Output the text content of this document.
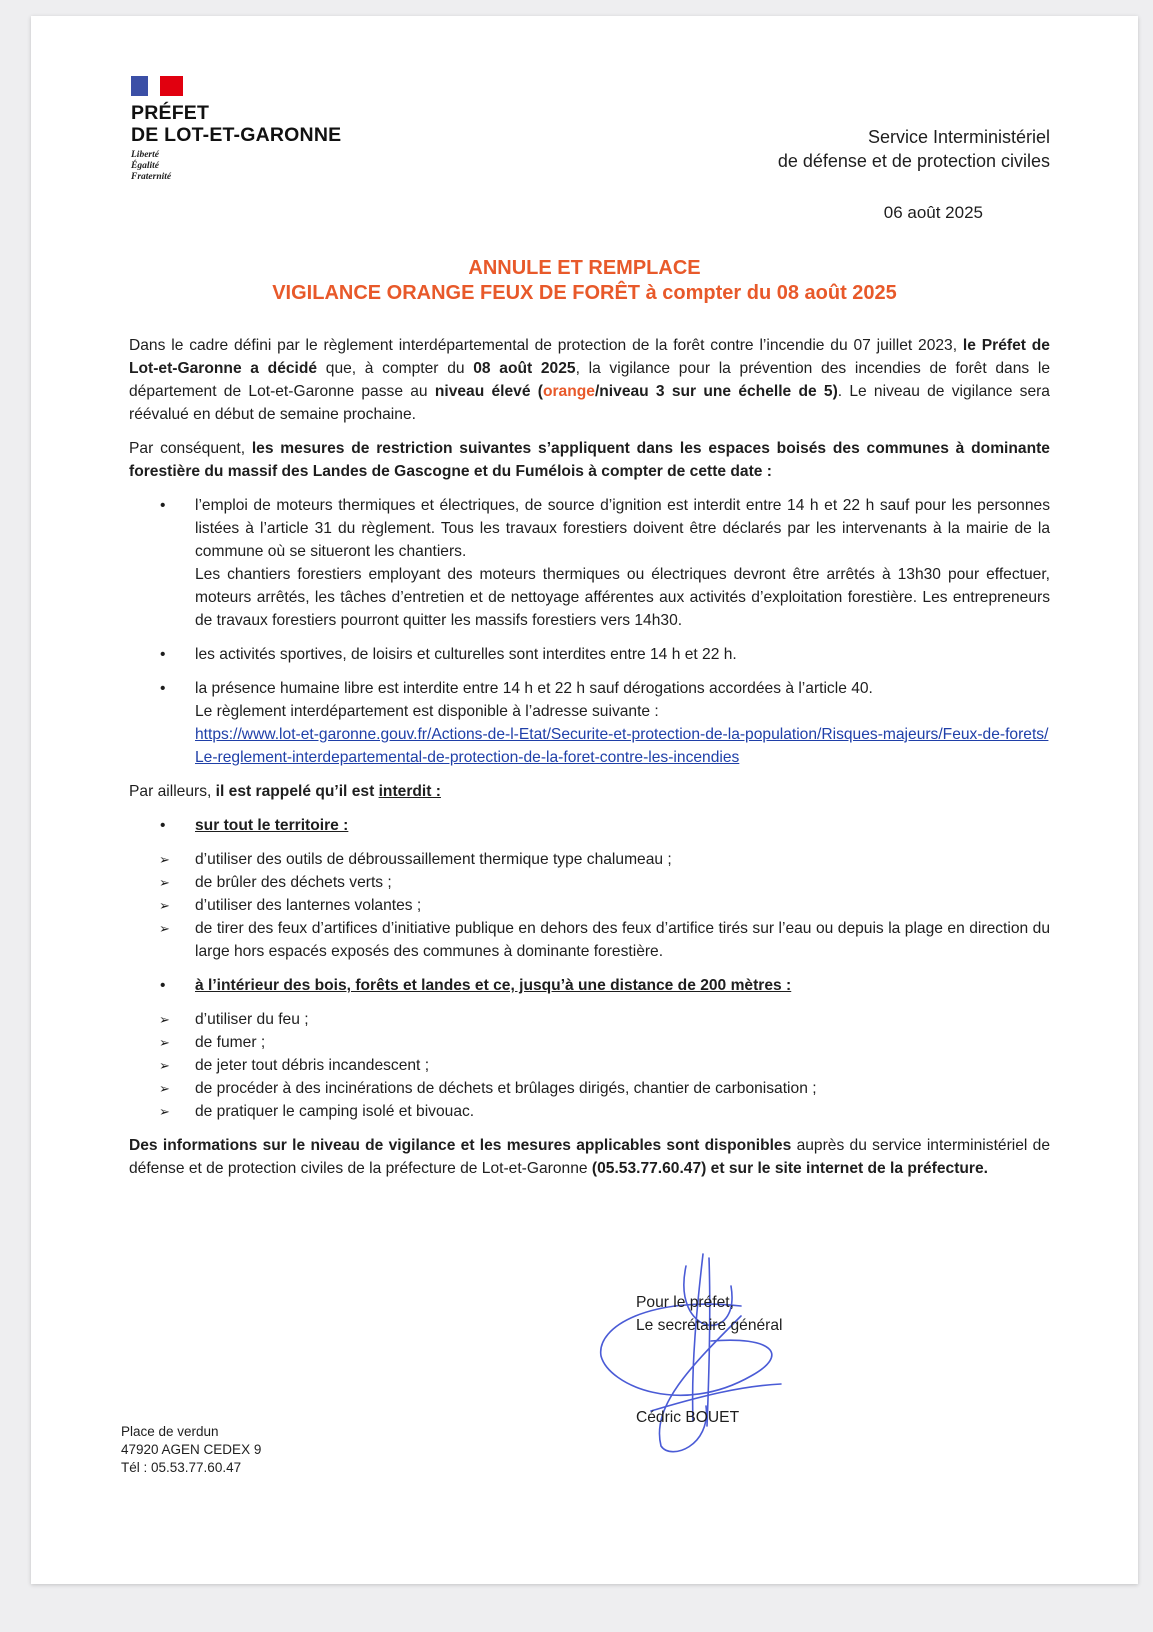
PRÉFET
DE LOT-ET-GARONNE
Liberté
Égalité
Fraternité
Service Interministériel
de défense et de protection civiles
06 août 2025
ANNULE ET REMPLACE
VIGILANCE ORANGE FEUX DE FORÊT à compter du 08 août 2025

Dans le cadre défini par le règlement interdépartemental de protection de la forêt contre l’incendie du 07 juillet 2023, le Préfet de Lot-et-Garonne a décidé que, à compter du 08 août 2025, la vigilance pour la prévention des incendies de forêt dans le département de Lot-et-Garonne passe au niveau élevé (orange/niveau 3 sur une échelle de 5). Le niveau de vigilance sera réévalué en début de semaine prochaine.

Par conséquent, les mesures de restriction suivantes s’appliquent dans les espaces boisés des communes à dominante forestière du massif des Landes de Gascogne et du Fumélois à compter de cette date :

• l’emploi de moteurs thermiques et électriques, de source d’ignition est interdit entre 14 h et 22 h sauf pour les personnes listées à l’article 31 du règlement. Tous les travaux forestiers doivent être déclarés par les intervenants à la mairie de la commune où se situeront les chantiers.

Les chantiers forestiers employant des moteurs thermiques ou électriques devront être arrêtés à 13h30 pour effectuer, moteurs arrêtés, les tâches d’entretien et de nettoyage afférentes aux activités d’exploitation forestière. Les entrepreneurs de travaux forestiers pourront quitter les massifs forestiers vers 14h30.

• les activités sportives, de loisirs et culturelles sont interdites entre 14 h et 22 h.

• la présence humaine libre est interdite entre 14 h et 22 h sauf dérogations accordées à l’article 40.

Le règlement interdépartement est disponible à l’adresse suivante :

https://www.lot-et-garonne.gouv.fr/Actions-de-l-Etat/Securite-et-protection-de-la-population/Risques-majeurs/Feux-de-forets/Le-reglement-interdepartemental-de-protection-de-la-foret-contre-les-incendies

Par ailleurs, il est rappelé qu’il est interdit :

• sur tout le territoire :

➢ d’utiliser des outils de débroussaillement thermique type chalumeau ;
➢ de brûler des déchets verts ;
➢ d’utiliser des lanternes volantes ;
➢ de tirer des feux d’artifices d’initiative publique en dehors des feux d’artifice tirés sur l’eau ou depuis la plage en direction du large hors espacés exposés des communes à dominante forestière.
• à l’intérieur des bois, forêts et landes et ce, jusqu’à une distance de 200 mètres :

➢ d’utiliser du feu ;
➢ de fumer ;
➢ de jeter tout débris incandescent ;
➢ de procéder à des incinérations de déchets et brûlages dirigés, chantier de carbonisation ;
➢ de pratiquer le camping isolé et bivouac.

Des informations sur le niveau de vigilance et les mesures applicables sont disponibles auprès du service interministériel de défense et de protection civiles de la préfecture de Lot-et-Garonne (05.53.77.60.47) et sur le site internet de la préfecture.

Pour le préfet,
Le secrétaire général
Cédric BOUET
Place de verdun
47920 AGEN CEDEX 9
Tél : 05.53.77.60.47
